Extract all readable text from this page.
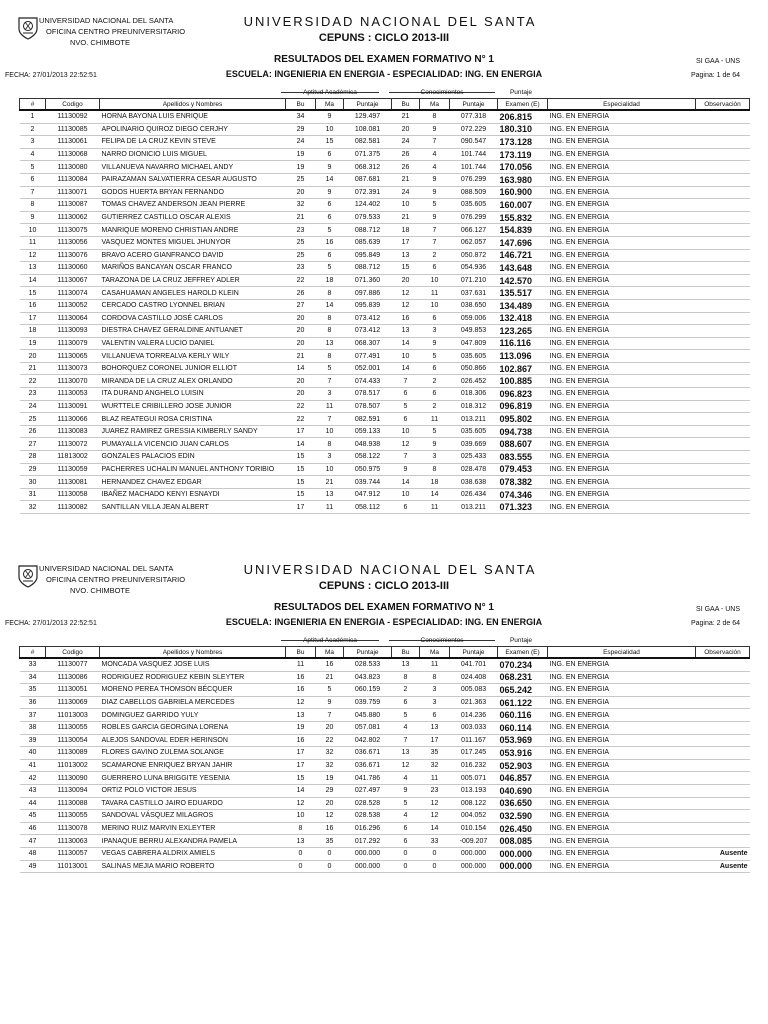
UNIVERSIDAD NACIONAL DEL SANTA
OFICINA CENTRO PREUNIVERSITARIO
NVO. CHIMBOTE
UNIVERSIDAD NACIONAL DEL SANTA
CEPUNS : CICLO 2013-III
RESULTADOS DEL EXAMEN FORMATIVO N° 1
ESCUELA: INGENIERIA EN ENERGIA - ESPECIALIDAD: ING. EN ENERGIA
FECHA: 27/01/2013 22:52:51
SI GAA - UNS
Pagina: 1 de 64
Aptitud Académica	Conocimientos	Puntaje
#	Codigo	Apellidos y Nombres	Bu	Ma	Puntaje	Bu	Ma	Puntaje	Examen (E)	Especialidad	Observación
1	11130092	HORNA BAYONA LUIS ENRIQUE	34	9	129.497	21	8	077.318	206.815	ING. EN ENERGIA	
2	11130085	APOLINARIO QUIROZ DIEGO CERJHY	29	10	108.081	20	9	072.229	180.310	ING. EN ENERGIA	
3	11130061	FELIPA DE LA CRUZ KEVIN STEVE	24	15	082.581	24	7	090.547	173.128	ING. EN ENERGIA	
4	11130068	NARRO DIONICIO LUIS MIGUEL	19	6	071.375	26	4	101.744	173.119	ING. EN ENERGIA	
5	11130080	VILLANUEVA NAVARRO MICHAEL ANDY	19	9	068.312	26	4	101.744	170.056	ING. EN ENERGIA	
6	11130084	PAIRAZAMAN SALVATIERRA CESAR AUGUSTO	25	14	087.681	21	9	076.299	163.980	ING. EN ENERGIA	
7	11130071	GODOS HUERTA BRYAN FERNANDO	20	9	072.391	24	9	088.509	160.900	ING. EN ENERGIA	
8	11130087	TOMAS CHAVEZ ANDERSON JEAN PIERRE	32	6	124.402	10	5	035.605	160.007	ING. EN ENERGIA	
9	11130062	GUTIERREZ CASTILLO OSCAR ALEXIS	21	6	079.533	21	9	076.299	155.832	ING. EN ENERGIA	
10	11130075	MANRIQUE MORENO CHRISTIAN ANDRE	23	5	088.712	18	7	066.127	154.839	ING. EN ENERGIA	
11	11130056	VASQUEZ MONTES MIGUEL JHUNYOR	25	16	085.639	17	7	062.057	147.696	ING. EN ENERGIA	
12	11130076	BRAVO ACERO GIANFRANCO DAVID	25	6	095.849	13	2	050.872	146.721	ING. EN ENERGIA	
13	11130060	MARIÑOS BANCAYAN OSCAR FRANCO	23	5	088.712	15	6	054.936	143.648	ING. EN ENERGIA	
14	11130067	TARAZONA DE LA CRUZ JEFFREY ADLER	22	18	071.360	20	10	071.210	142.570	ING. EN ENERGIA	
15	11130074	CASAHUAMAN ANGELES HAROLD KLEIN	26	8	097.886	12	11	037.631	135.517	ING. EN ENERGIA	
16	11130052	CERCADO CASTRO LYONNEL BRIAN	27	14	095.839	12	10	038.650	134.489	ING. EN ENERGIA	
17	11130064	CORDOVA CASTILLO JOSÉ CARLOS	20	8	073.412	16	6	059.006	132.418	ING. EN ENERGIA	
18	11130093	DIESTRA CHAVEZ GERALDINE ANTUANET	20	8	073.412	13	3	049.853	123.265	ING. EN ENERGIA	
19	11130079	VALENTIN VALERA LUCIO DANIEL	20	13	068.307	14	9	047.809	116.116	ING. EN ENERGIA	
20	11130065	VILLANUEVA TORREALVA KERLY WILY	21	8	077.491	10	5	035.605	113.096	ING. EN ENERGIA	
21	11130073	BOHORQUEZ CORONEL JUNIOR ELLIOT	14	5	052.001	14	6	050.866	102.867	ING. EN ENERGIA	
22	11130070	MIRANDA DE LA CRUZ ALEX ORLANDO	20	7	074.433	7	2	026.452	100.885	ING. EN ENERGIA	
23	11130053	ITA DURAND ANGHELO LUISIN	20	3	078.517	6	6	018.306	096.823	ING. EN ENERGIA	
24	11130091	WURTTELE CRIBILLERO JOSE JUNIOR	22	11	078.507	5	2	018.312	096.819	ING. EN ENERGIA	
25	11130066	BLAZ REATEGUI ROSA CRISTINA	22	7	082.591	6	11	013.211	095.802	ING. EN ENERGIA	
26	11130083	JUAREZ RAMIREZ GRESSIA KIMBERLY SANDY	17	10	059.133	10	5	035.605	094.738	ING. EN ENERGIA	
27	11130072	PUMAYALLA VICENCIO JUAN CARLOS	14	8	048.938	12	9	039.669	088.607	ING. EN ENERGIA	
28	11813002	GONZALES PALACIOS EDIN	15	3	058.122	7	3	025.433	083.555	ING. EN ENERGIA	
29	11130059	PACHERRES UCHALIN MANUEL ANTHONY TORIBIO	15	10	050.975	9	8	028.478	079.453	ING. EN ENERGIA	
30	11130081	HERNANDEZ CHAVEZ EDGAR	15	21	039.744	14	18	038.638	078.382	ING. EN ENERGIA	
31	11130058	IBAÑEZ MACHADO KENYI ESNAYDI	15	13	047.912	10	14	026.434	074.346	ING. EN ENERGIA	
32	11130082	SANTILLAN VILLA JEAN ALBERT	17	11	058.112	6	11	013.211	071.323	ING. EN ENERGIA	
UNIVERSIDAD NACIONAL DEL SANTA
OFICINA CENTRO PREUNIVERSITARIO
NVO. CHIMBOTE
UNIVERSIDAD NACIONAL DEL SANTA
CEPUNS : CICLO 2013-III
RESULTADOS DEL EXAMEN FORMATIVO N° 1
ESCUELA: INGENIERIA EN ENERGIA - ESPECIALIDAD: ING. EN ENERGIA
FECHA: 27/01/2013 22:52:51
SI GAA - UNS
Pagina: 2 de 64
Aptitud Académica	Conocimientos	Puntaje
#	Codigo	Apellidos y Nombres	Bu	Ma	Puntaje	Bu	Ma	Puntaje	Examen (E)	Especialidad	Observación
33	11130077	MONCADA VASQUEZ JOSE LUIS	11	16	028.533	13	11	041.701	070.234	ING. EN ENERGIA	
34	11130086	RODRIGUEZ RODRIGUEZ KEBIN SLEYTER	16	21	043.823	8	8	024.408	068.231	ING. EN ENERGIA	
35	11130051	MORENO PEREA THOMSON BÉCQUER	16	5	060.159	2	3	005.083	065.242	ING. EN ENERGIA	
36	11130069	DIAZ CABELLOS GABRIELA MERCEDES	12	9	039.759	6	3	021.363	061.122	ING. EN ENERGIA	
37	11013003	DOMINGUEZ GARRIDO YULY	13	7	045.880	5	6	014.236	060.116	ING. EN ENERGIA	
38	11130055	ROBLES GARCIA GEORGINA LORENA	19	20	057.081	4	13	003.033	060.114	ING. EN ENERGIA	
39	11130054	ALEJOS SANDOVAL EDER HERINSON	16	22	042.802	7	17	011.167	053.969	ING. EN ENERGIA	
40	11130089	FLORES GAVINO ZULEMA SOLANGE	17	32	036.671	13	35	017.245	053.916	ING. EN ENERGIA	
41	11013002	SCAMARONE ENRIQUEZ BRYAN JAHIR	17	32	036.671	12	32	016.232	052.903	ING. EN ENERGIA	
42	11130090	GUERRERO LUNA BRIGGITE YESENIA	15	19	041.786	4	11	005.071	046.857	ING. EN ENERGIA	
43	11130094	ORTIZ POLO VICTOR JESUS	14	29	027.497	9	23	013.193	040.690	ING. EN ENERGIA	
44	11130088	TAVARA CASTILLO JAIRO EDUARDO	12	20	028.528	5	12	008.122	036.650	ING. EN ENERGIA	
45	11130055	SANDOVAL VÁSQUEZ MILAGROS	10	12	028.538	4	12	004.052	032.590	ING. EN ENERGIA	
46	11130078	MERINO RUIZ MARVIN EXLEYTER	8	16	016.296	6	14	010.154	026.450	ING. EN ENERGIA	
47	11130063	IPANAQUE BERRU ALEXANDRA PAMELA	13	35	017.292	6	33	-009.207	008.085	ING. EN ENERGIA	
48	11130057	VEGAS CABRERA ALDRIX AMIELS	0	0	000.000	0	0	000.000	000.000	ING. EN ENERGIA	Ausente
49	11013001	SALINAS MEJIA MARIO ROBERTO	0	0	000.000	0	0	000.000	000.000	ING. EN ENERGIA	Ausente
